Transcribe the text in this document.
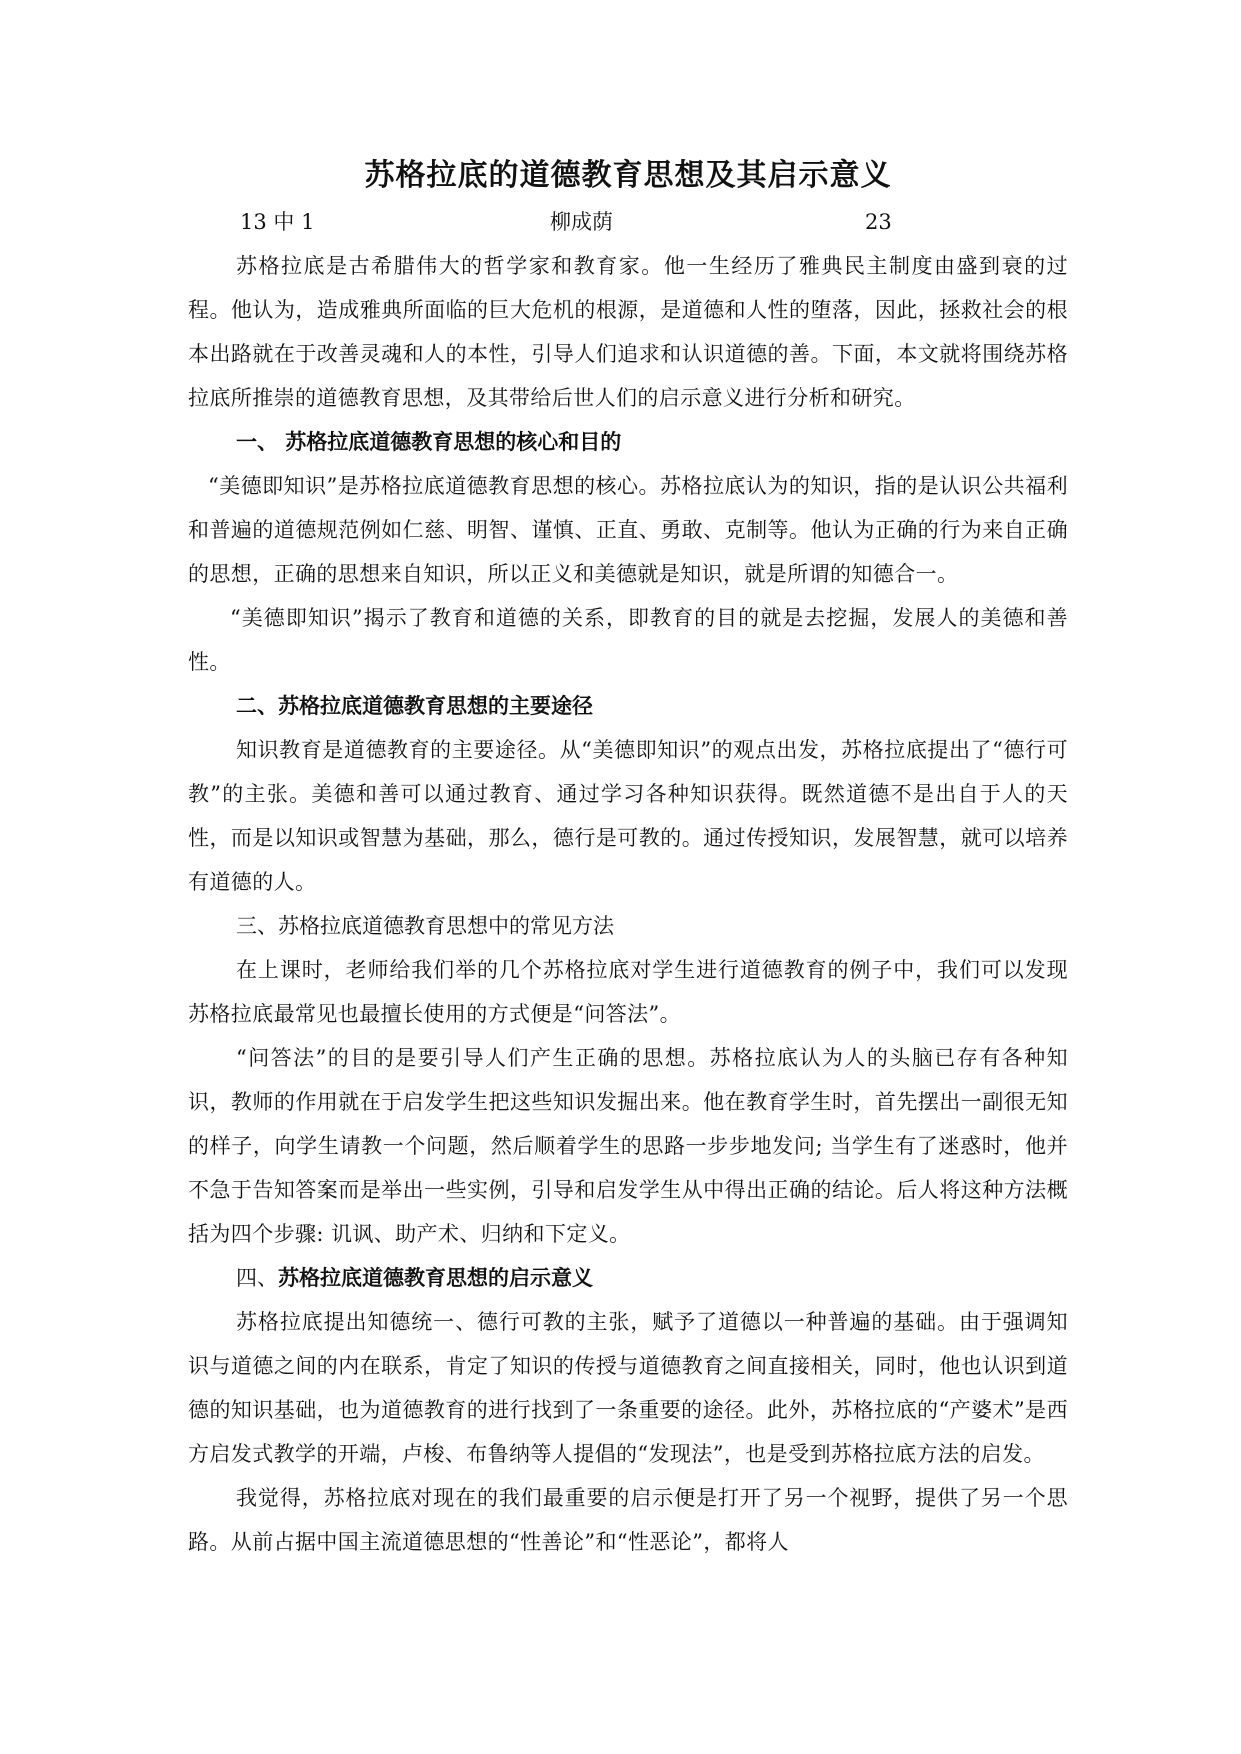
苏格拉底的道德教育思想及其启示意义
13 中 1	柳成荫	23

苏格拉底是古希腊伟大的哲学家和教育家。他一生经历了雅典民主制度由盛到衰的过程。他认为，造成雅典所面临的巨大危机的根源，是道德和人性的堕落，因此，拯救社会的根本出路就在于改善灵魂和人的本性，引导人们追求和认识道德的善。下面，本文就将围绕苏格拉底所推崇的道德教育思想，及其带给后世人们的启示意义进行分析和研究。

一、 苏格拉底道德教育思想的核心和目的

“美德即知识”是苏格拉底道德教育思想的核心。苏格拉底认为的知识，指的是认识公共福利和普遍的道德规范例如仁慈、明智、谨慎、正直、勇敢、克制等。他认为正确的行为来自正确的思想，正确的思想来自知识，所以正义和美德就是知识，就是所谓的知德合一。

“美德即知识”揭示了教育和道德的关系，即教育的目的就是去挖掘，发展人的美德和善性。

二、苏格拉底道德教育思想的主要途径

知识教育是道德教育的主要途径。从“美德即知识”的观点出发，苏格拉底提出了“德行可教”的主张。美德和善可以通过教育、通过学习各种知识获得。既然道德不是出自于人的天性，而是以知识或智慧为基础，那么，德行是可教的。通过传授知识，发展智慧，就可以培养有道德的人。

三、苏格拉底道德教育思想中的常见方法

在上课时，老师给我们举的几个苏格拉底对学生进行道德教育的例子中，我们可以发现苏格拉底最常见也最擅长使用的方式便是“问答法”。

“问答法”的目的是要引导人们产生正确的思想。苏格拉底认为人的头脑已存有各种知识，教师的作用就在于启发学生把这些知识发掘出来。他在教育学生时，首先摆出一副很无知的样子，向学生请教一个问题，然后顺着学生的思路一步步地发问; 当学生有了迷惑时，他并不急于告知答案而是举出一些实例，引导和启发学生从中得出正确的结论。后人将这种方法概括为四个步骤: 讥讽、助产术、归纳和下定义。

四、苏格拉底道德教育思想的启示意义

苏格拉底提出知德统一、德行可教的主张，赋予了道德以一种普遍的基础。由于强调知识与道德之间的内在联系，肯定了知识的传授与道德教育之间直接相关，同时，他也认识到道德的知识基础，也为道德教育的进行找到了一条重要的途径。此外，苏格拉底的“产婆术”是西方启发式教学的开端，卢梭、布鲁纳等人提倡的“发现法”，也是受到苏格拉底方法的启发。

我觉得，苏格拉底对现在的我们最重要的启示便是打开了另一个视野，提供了另一个思路。从前占据中国主流道德思想的“性善论”和“性恶论”，都将人
